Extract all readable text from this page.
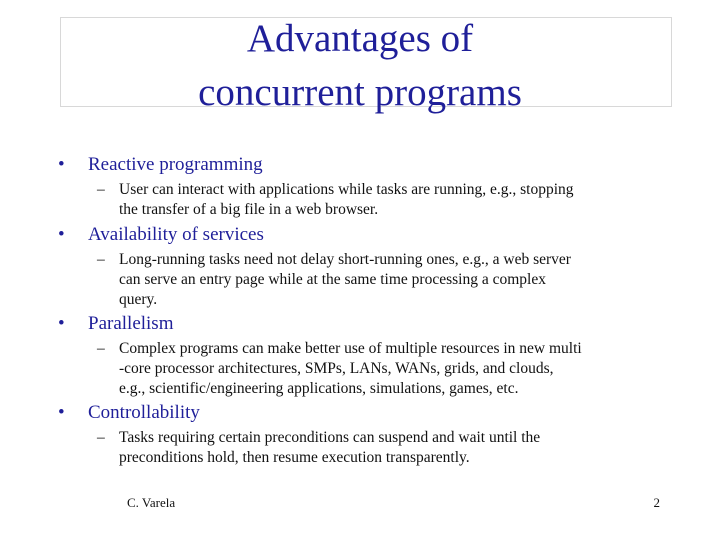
Advantages of
concurrent programs
•	Reactive programming
– User can interact with applications while tasks are running, e.g., stopping
the transfer of a big file in a web browser.
•	Availability of services
– Long-running tasks need not delay short-running ones, e.g., a web server
can serve an entry page while at the same time processing a complex
query.
•	Parallelism
– Complex programs can make better use of multiple resources in new multi
-core processor architectures, SMPs, LANs, WANs, grids, and clouds,
e.g., scientific/engineering applications, simulations, games, etc.
•	Controllability
– Tasks requiring certain preconditions can suspend and wait until the
preconditions hold, then resume execution transparently.
C. Varela	2
